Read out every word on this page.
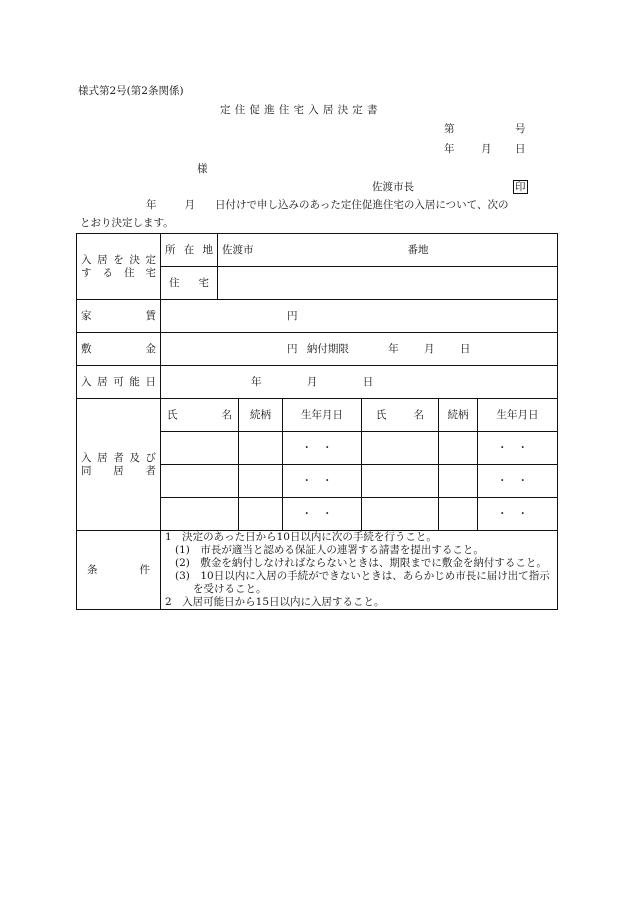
様式第2号(第2条関係)
定住促進住宅入居決定書
第	号
年	月 日
様
佐渡市長	印
年	月 日付けで申し込みのあった定住促進住宅の入居について、次の
とおり決定します。
入居を決定
する住宅	所在地	佐渡市 番地					

	住宅						

家賃	円						
敷金	円 納付期限 年 月 日						
入居可能日	年 月 日						

入居者及び
同居者	氏名		続柄	生年月日	氏名	続柄	生年月日
				・・			・・
				・・			・・
				・・			・・
条件	1　決定のあった日から10日以内に次の手続を行うこと。
(1)　市長が適当と認める保証人の連署する請書を提出すること。
(2)　敷金を納付しなければならないときは、期限までに敷金を納付すること。
(3)　10日以内に入居の手続ができないときは、あらかじめ市長に届け出て指示を受けること。
2　入居可能日から15日以内に入居すること。						
